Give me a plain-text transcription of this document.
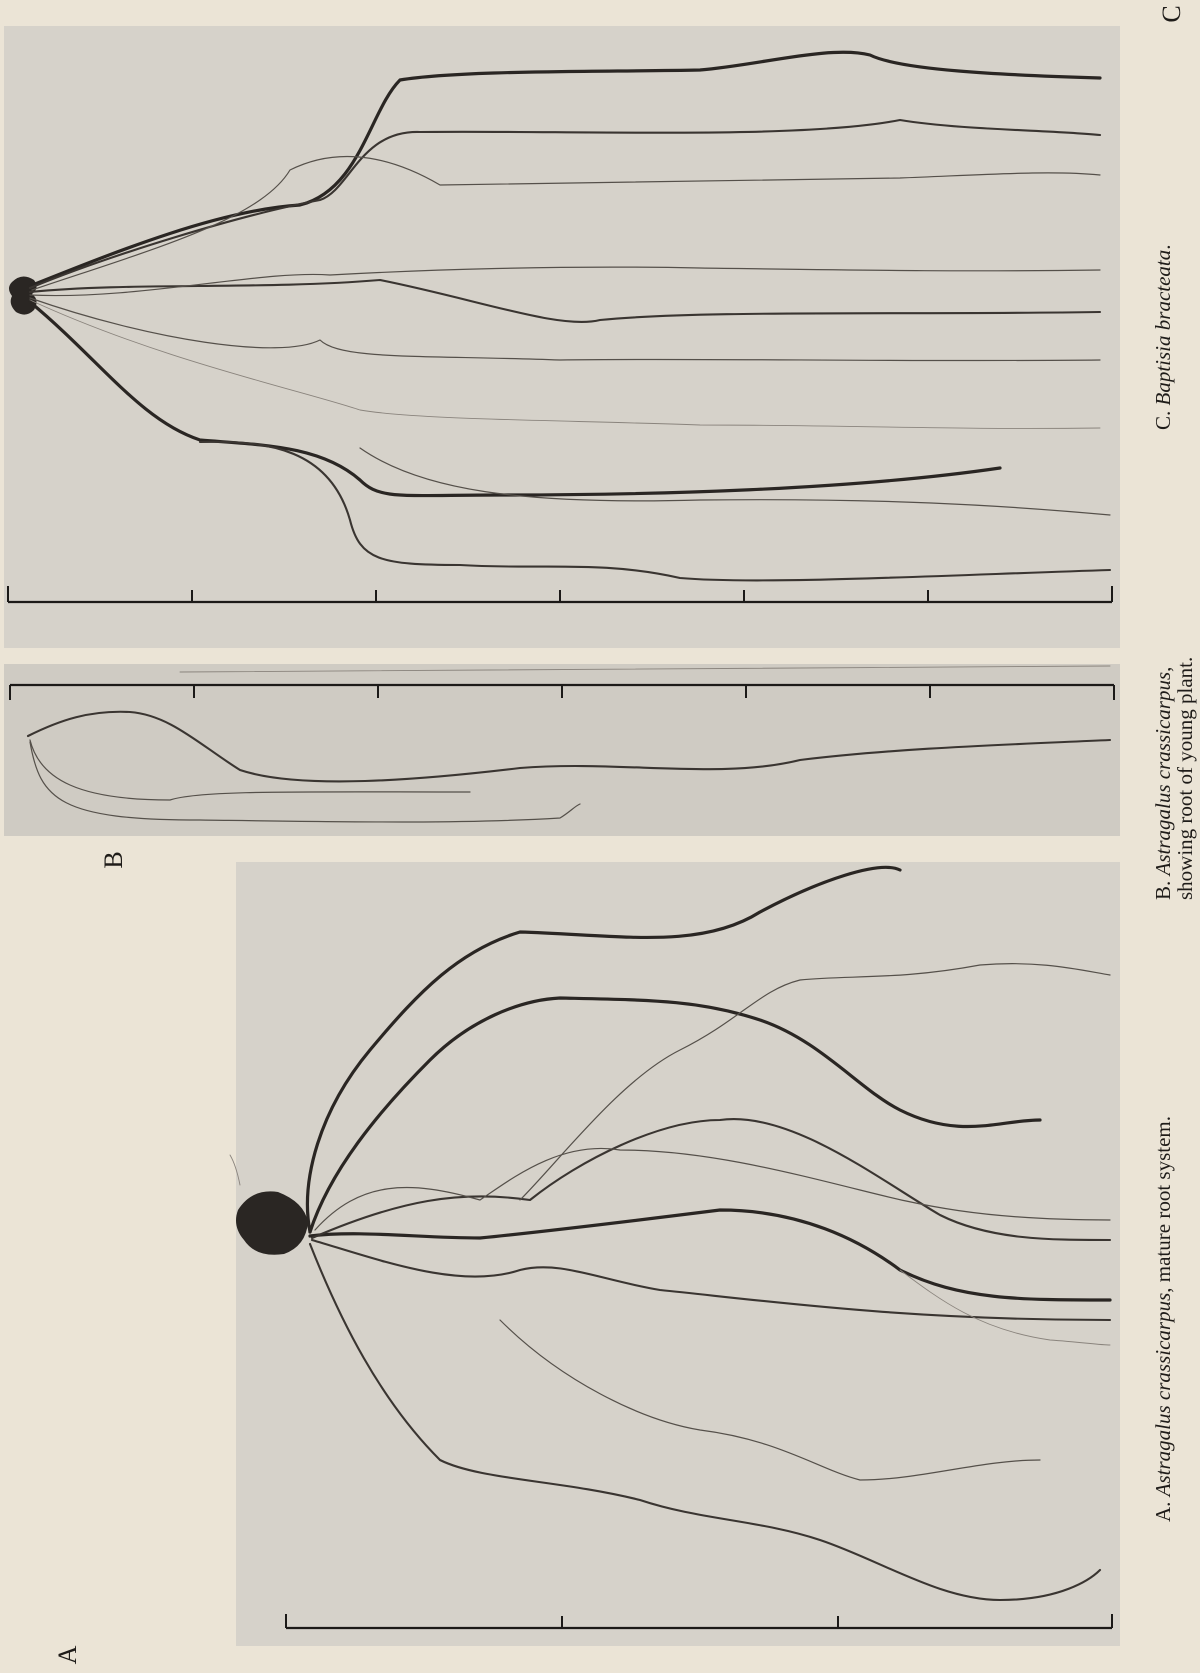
C
B
A
C. Baptisia bracteata.
B. Astragalus crassicarpus,
showing root of young plant.
A. Astragalus crassicarpus, mature root system.
